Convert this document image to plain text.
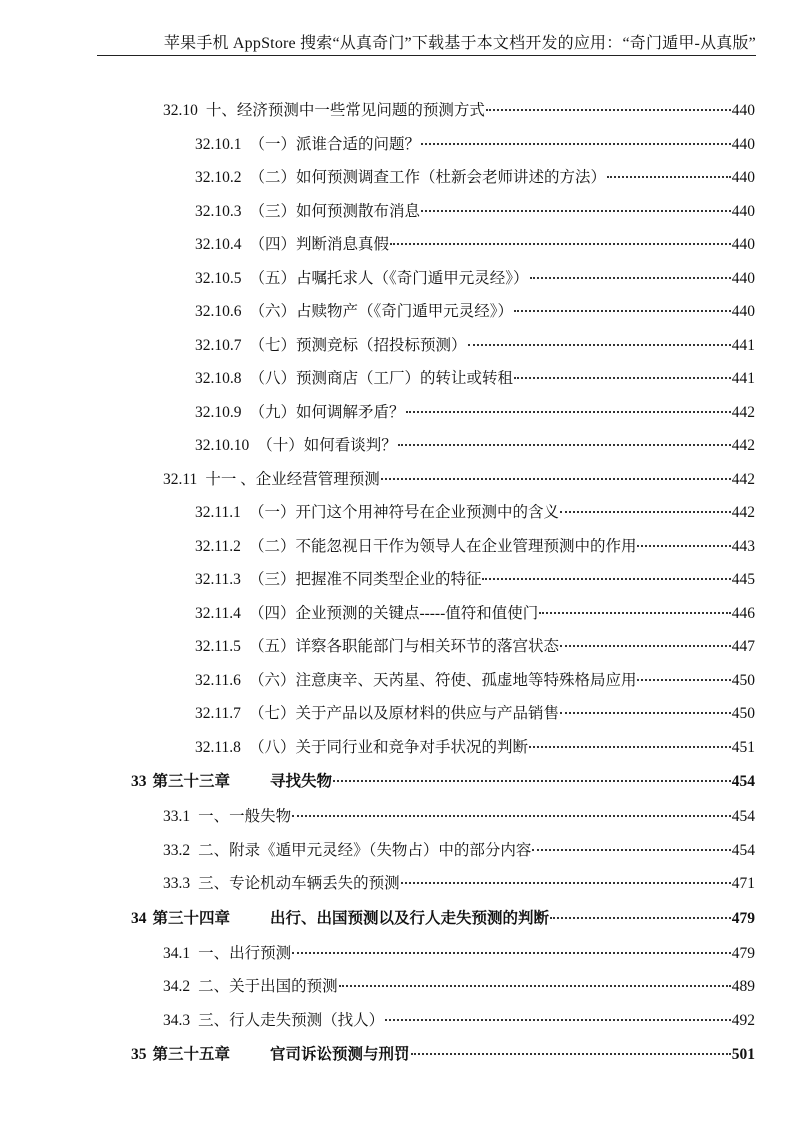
苹果手机 AppStore 搜索“从真奇门”下载基于本文档开发的应用：“奇门遁甲-从真版”
32.10 十、经济预测中一些常见问题的预测方式	440
32.10.1 （一）派谁合适的问题？	440
32.10.2 （二）如何预测调查工作（杜新会老师讲述的方法）	440
32.10.3 （三）如何预测散布消息	440
32.10.4 （四）判断消息真假	440
32.10.5 （五）占嘱托求人（《奇门遁甲元灵经》）	440
32.10.6 （六）占赎物产（《奇门遁甲元灵经》）	440
32.10.7 （七）预测竞标（招投标预测）	441
32.10.8 （八）预测商店（工厂）的转让或转租	441
32.10.9 （九）如何调解矛盾？	442
32.10.10 （十）如何看谈判？	442
32.11 十一 、企业经营管理预测	442
32.11.1 （一）开门这个用神符号在企业预测中的含义	442
32.11.2 （二）不能忽视日干作为领导人在企业管理预测中的作用	443
32.11.3 （三）把握准不同类型企业的特征	445
32.11.4 （四）企业预测的关键点-----值符和值使门	446
32.11.5 （五）详察各职能部门与相关环节的落宫状态	447
32.11.6 （六）注意庚辛、天芮星、符使、孤虚地等特殊格局应用	450
32.11.7 （七）关于产品以及原材料的供应与产品销售	450
32.11.8 （八）关于同行业和竞争对手状况的判断	451
33 第三十三章	寻找失物	454
33.1 一、一般失物	454
33.2 二、附录《遁甲元灵经》（失物占）中的部分内容	454
33.3 三、专论机动车辆丢失的预测	471
34 第三十四章	出行、出国预测以及行人走失预测的判断	479
34.1 一、出行预测	479
34.2 二、关于出国的预测	489
34.3 三、行人走失预测（找人）	492
35 第三十五章	官司诉讼预测与刑罚	501
